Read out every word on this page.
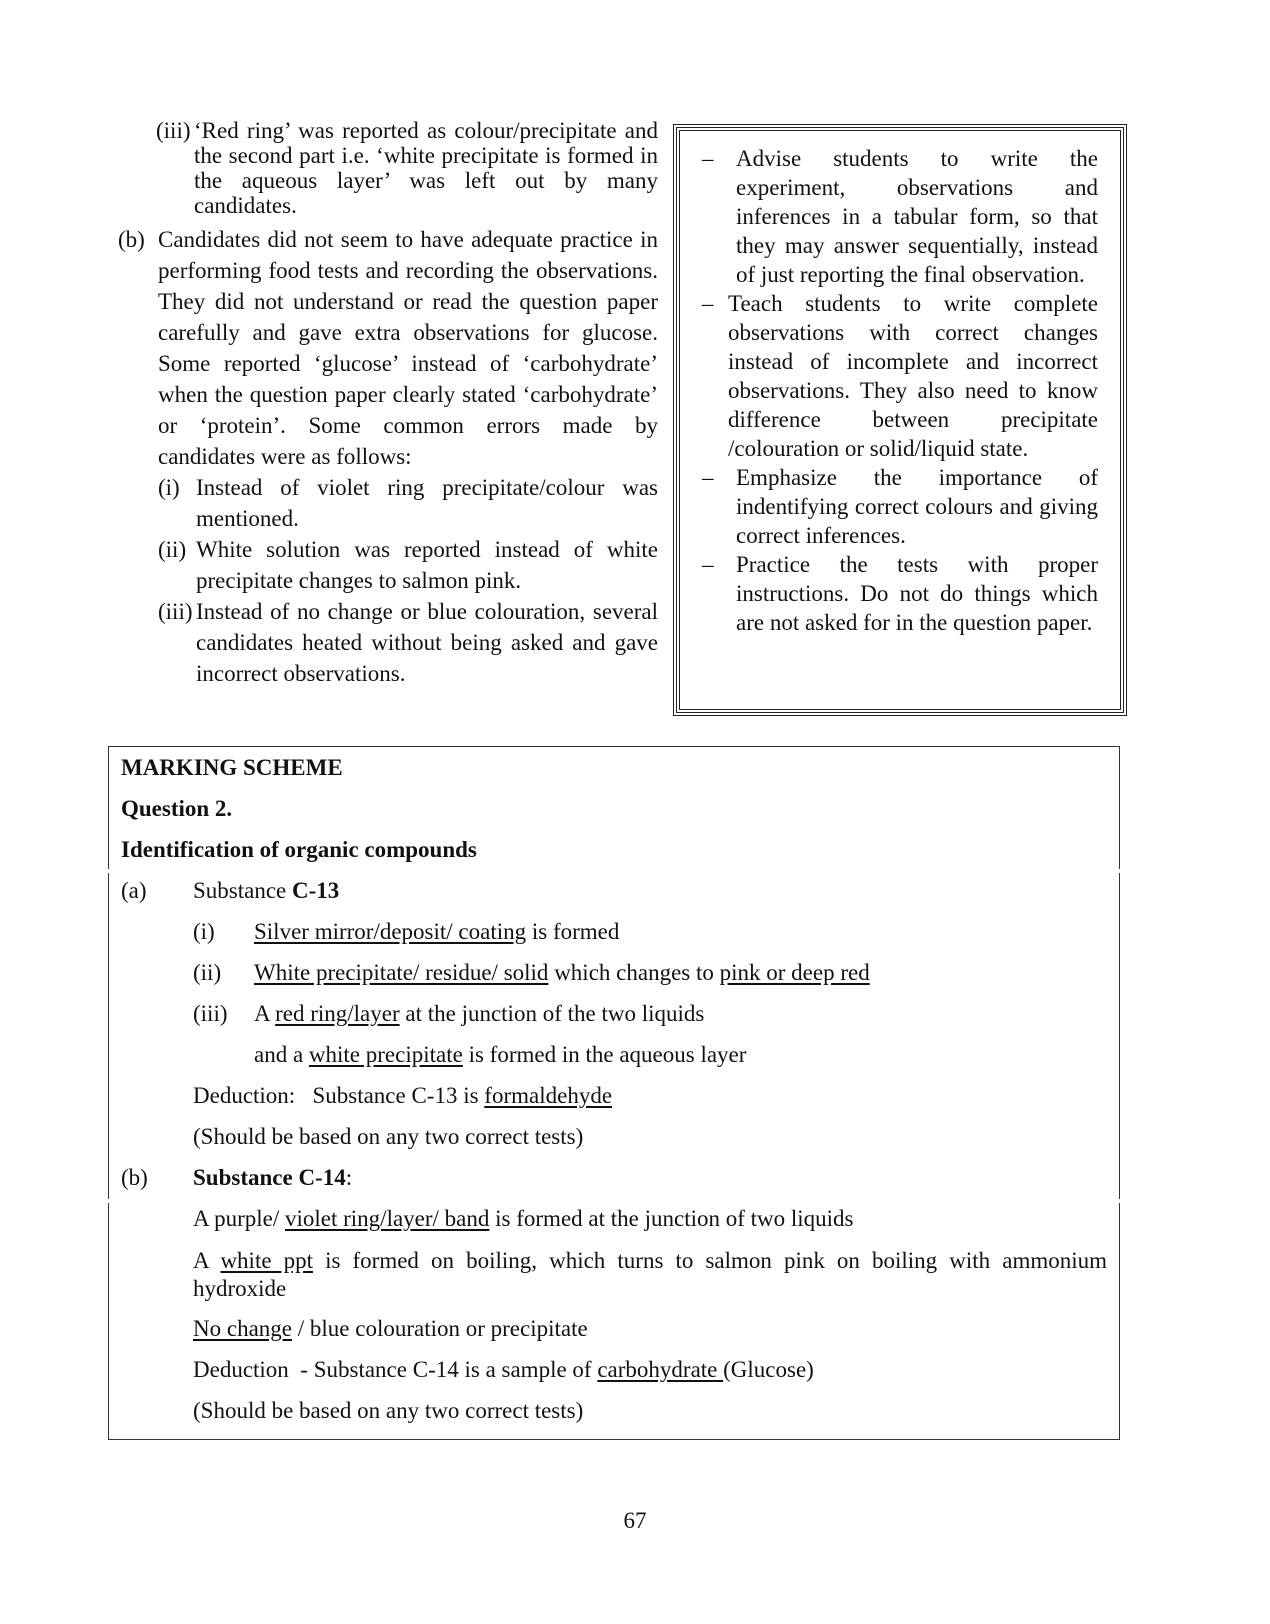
(iii) ‘Red ring’ was reported as colour/precipitate and the second part i.e. ‘white precipitate is formed in the aqueous layer’ was left out by many candidates.
(b) Candidates did not seem to have adequate practice in performing food tests and recording the observations. They did not understand or read the question paper carefully and gave extra observations for glucose. Some reported ‘glucose’ instead of ‘carbohydrate’ when the question paper clearly stated ‘carbohydrate’ or ‘protein’. Some common errors made by candidates were as follows:
(i) Instead of violet ring precipitate/colour was mentioned.
(ii) White solution was reported instead of white precipitate changes to salmon pink.
(iii) Instead of no change or blue colouration, several candidates heated without being asked and gave incorrect observations.
– Advise students to write the experiment, observations and inferences in a tabular form, so that they may answer sequentially, instead of just reporting the final observation.
– Teach students to write complete observations with correct changes instead of incomplete and incorrect observations. They also need to know difference between precipitate /colouration or solid/liquid state.
– Emphasize the importance of indentifying correct colours and giving correct inferences.
– Practice the tests with proper instructions. Do not do things which are not asked for in the question paper.
MARKING SCHEME
Question 2.
Identification of organic compounds
(a) Substance C-13
(i) Silver mirror/deposit/ coating is formed
(ii) White precipitate/ residue/ solid which changes to pink or deep red
(iii) A red ring/layer at the junction of the two liquids
and a white precipitate is formed in the aqueous layer
Deduction:   Substance C-13 is formaldehyde
(Should be based on any two correct tests)
(b) Substance C-14:
A purple/ violet ring/layer/ band is formed at the junction of two liquids
A white ppt is formed on boiling, which turns to salmon pink on boiling with ammonium hydroxide
No change / blue colouration or precipitate
Deduction  - Substance C-14 is a sample of carbohydrate (Glucose)
(Should be based on any two correct tests)
67
